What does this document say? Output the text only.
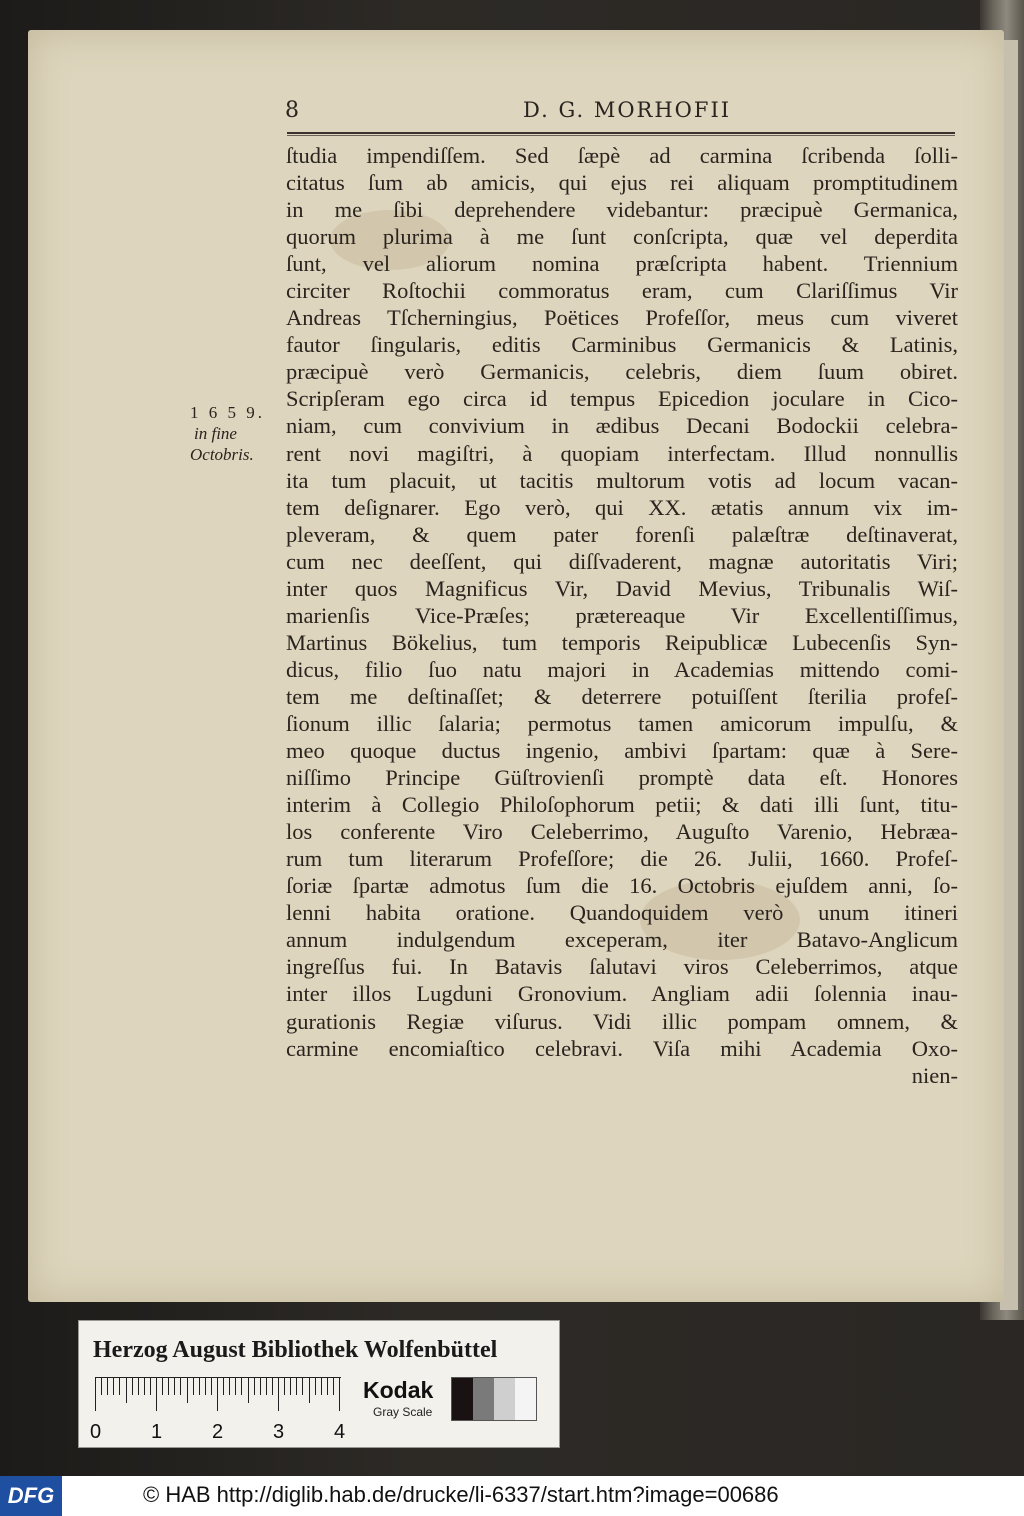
8	D. G. MORHOFII
1 6 5 9.
in fine
Octobris.
ſtudia impendiſſem. Sed ſæpè ad carmina ſcribenda ſolli-
citatus ſum ab amicis, qui ejus rei aliquam promptitudinem
in me ſibi deprehendere videbantur: præcipuè Germanica,
quorum plurima à me ſunt conſcripta, quæ vel deperdita
ſunt, vel aliorum nomina præſcripta habent. Triennium
circiter Roſtochii commoratus eram, cum Clariſſimus Vir
Andreas Tſcherningius, Poëtices Profeſſor, meus cum viveret
fautor ſingularis, editis Carminibus Germanicis & Latinis,
præcipuè verò Germanicis, celebris, diem ſuum obiret.
Scripſeram ego circa id tempus Epicedion joculare in Cico-
niam, cum convivium in ædibus Decani Bodockii celebra-
rent novi magiſtri, à quopiam interfectam. Illud nonnullis
ita tum placuit, ut tacitis multorum votis ad locum vacan-
tem deſignarer. Ego verò, qui XX. ætatis annum vix im-
pleveram, & quem pater forenſi palæſtræ deſtinaverat,
cum nec deeſſent, qui diſſvaderent, magnæ autoritatis Viri;
inter quos Magnificus Vir, David Mevius, Tribunalis Wiſ-
marienſis Vice-Præſes; prætereaque Vir Excellentiſſimus,
Martinus Bökelius, tum temporis Reipublicæ Lubecenſis Syn-
dicus, filio ſuo natu majori in Academias mittendo comi-
tem me deſtinaſſet; & deterrere potuiſſent ſterilia profeſ-
ſionum illic ſalaria; permotus tamen amicorum impulſu, &
meo quoque ductus ingenio, ambivi ſpartam: quæ à Sere-
niſſimo Principe Güſtrovienſi promptè data eſt. Honores
interim à Collegio Philoſophorum petii; & dati illi ſunt, titu-
los conferente Viro Celeberrimo, Auguſto Varenio, Hebræa-
rum tum literarum Profeſſore; die 26. Julii, 1660. Profeſ-
ſoriæ ſpartæ admotus ſum die 16. Octobris ejuſdem anni, ſo-
lenni habita oratione. Quandoquidem verò unum itineri
annum indulgendum exceperam, iter Batavo-Anglicum
ingreſſus fui. In Batavis ſalutavi viros Celeberrimos, atque
inter illos Lugduni Gronovium. Angliam adii ſolennia inau-
gurationis Regiæ viſurus. Vidi illic pompam omnem, &
carmine encomiaſtico celebravi. Viſa mihi Academia Oxo-
nien-
Herzog August Bibliothek Wolfenbüttel
0 1 2 3 4
Kodak
Gray Scale
DFG	© HAB http://diglib.hab.de/drucke/li-6337/start.htm?image=00686
